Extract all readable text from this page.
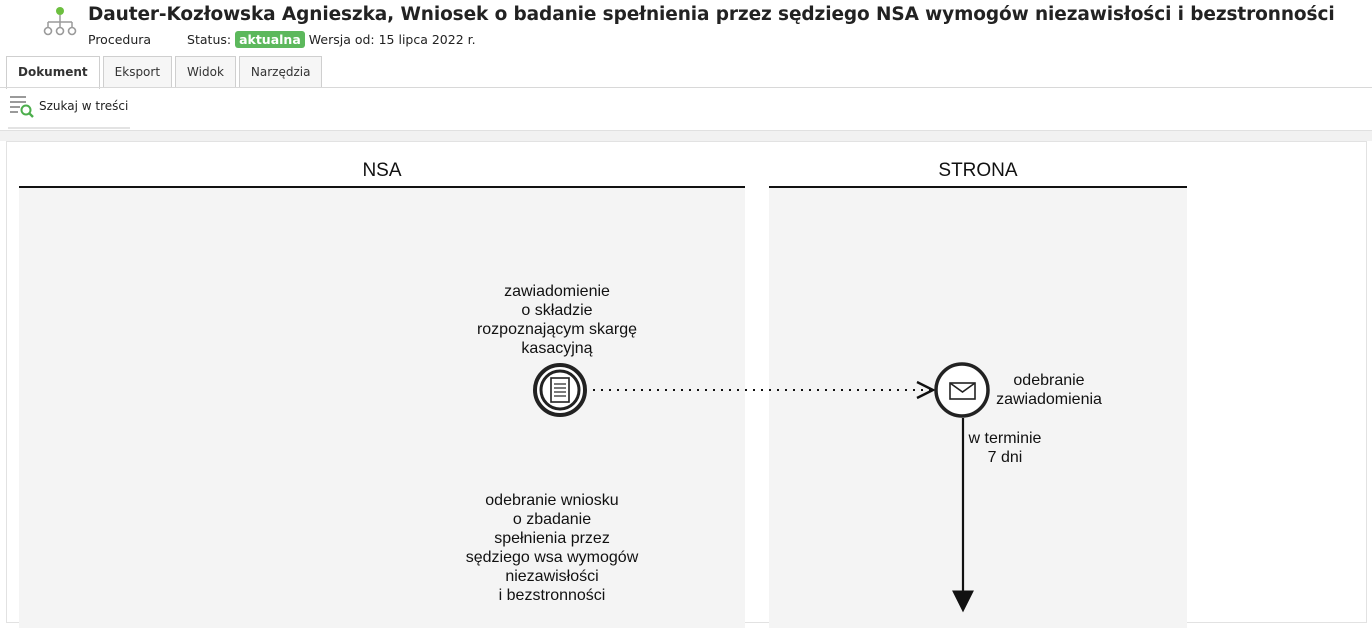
Dauter-Kozłowska Agnieszka, Wniosek o badanie spełnienia przez sędziego NSA wymogów niezawisłości i bezstronności
Procedura	Status: aktualna Wersja od: 15 lipca 2022 r.
Dokument	Eksport	Widok	Narzędzia
Szukaj w treści
NSA	STRONA
zawiadomienie
o składzie
rozpoznającym skargę
kasacyjną
odebranie
zawiadomienia
w terminie
7 dni
odebranie wniosku
o zbadanie
spełnienia przez
sędziego wsa wymogów
niezawisłości
i bezstronności
